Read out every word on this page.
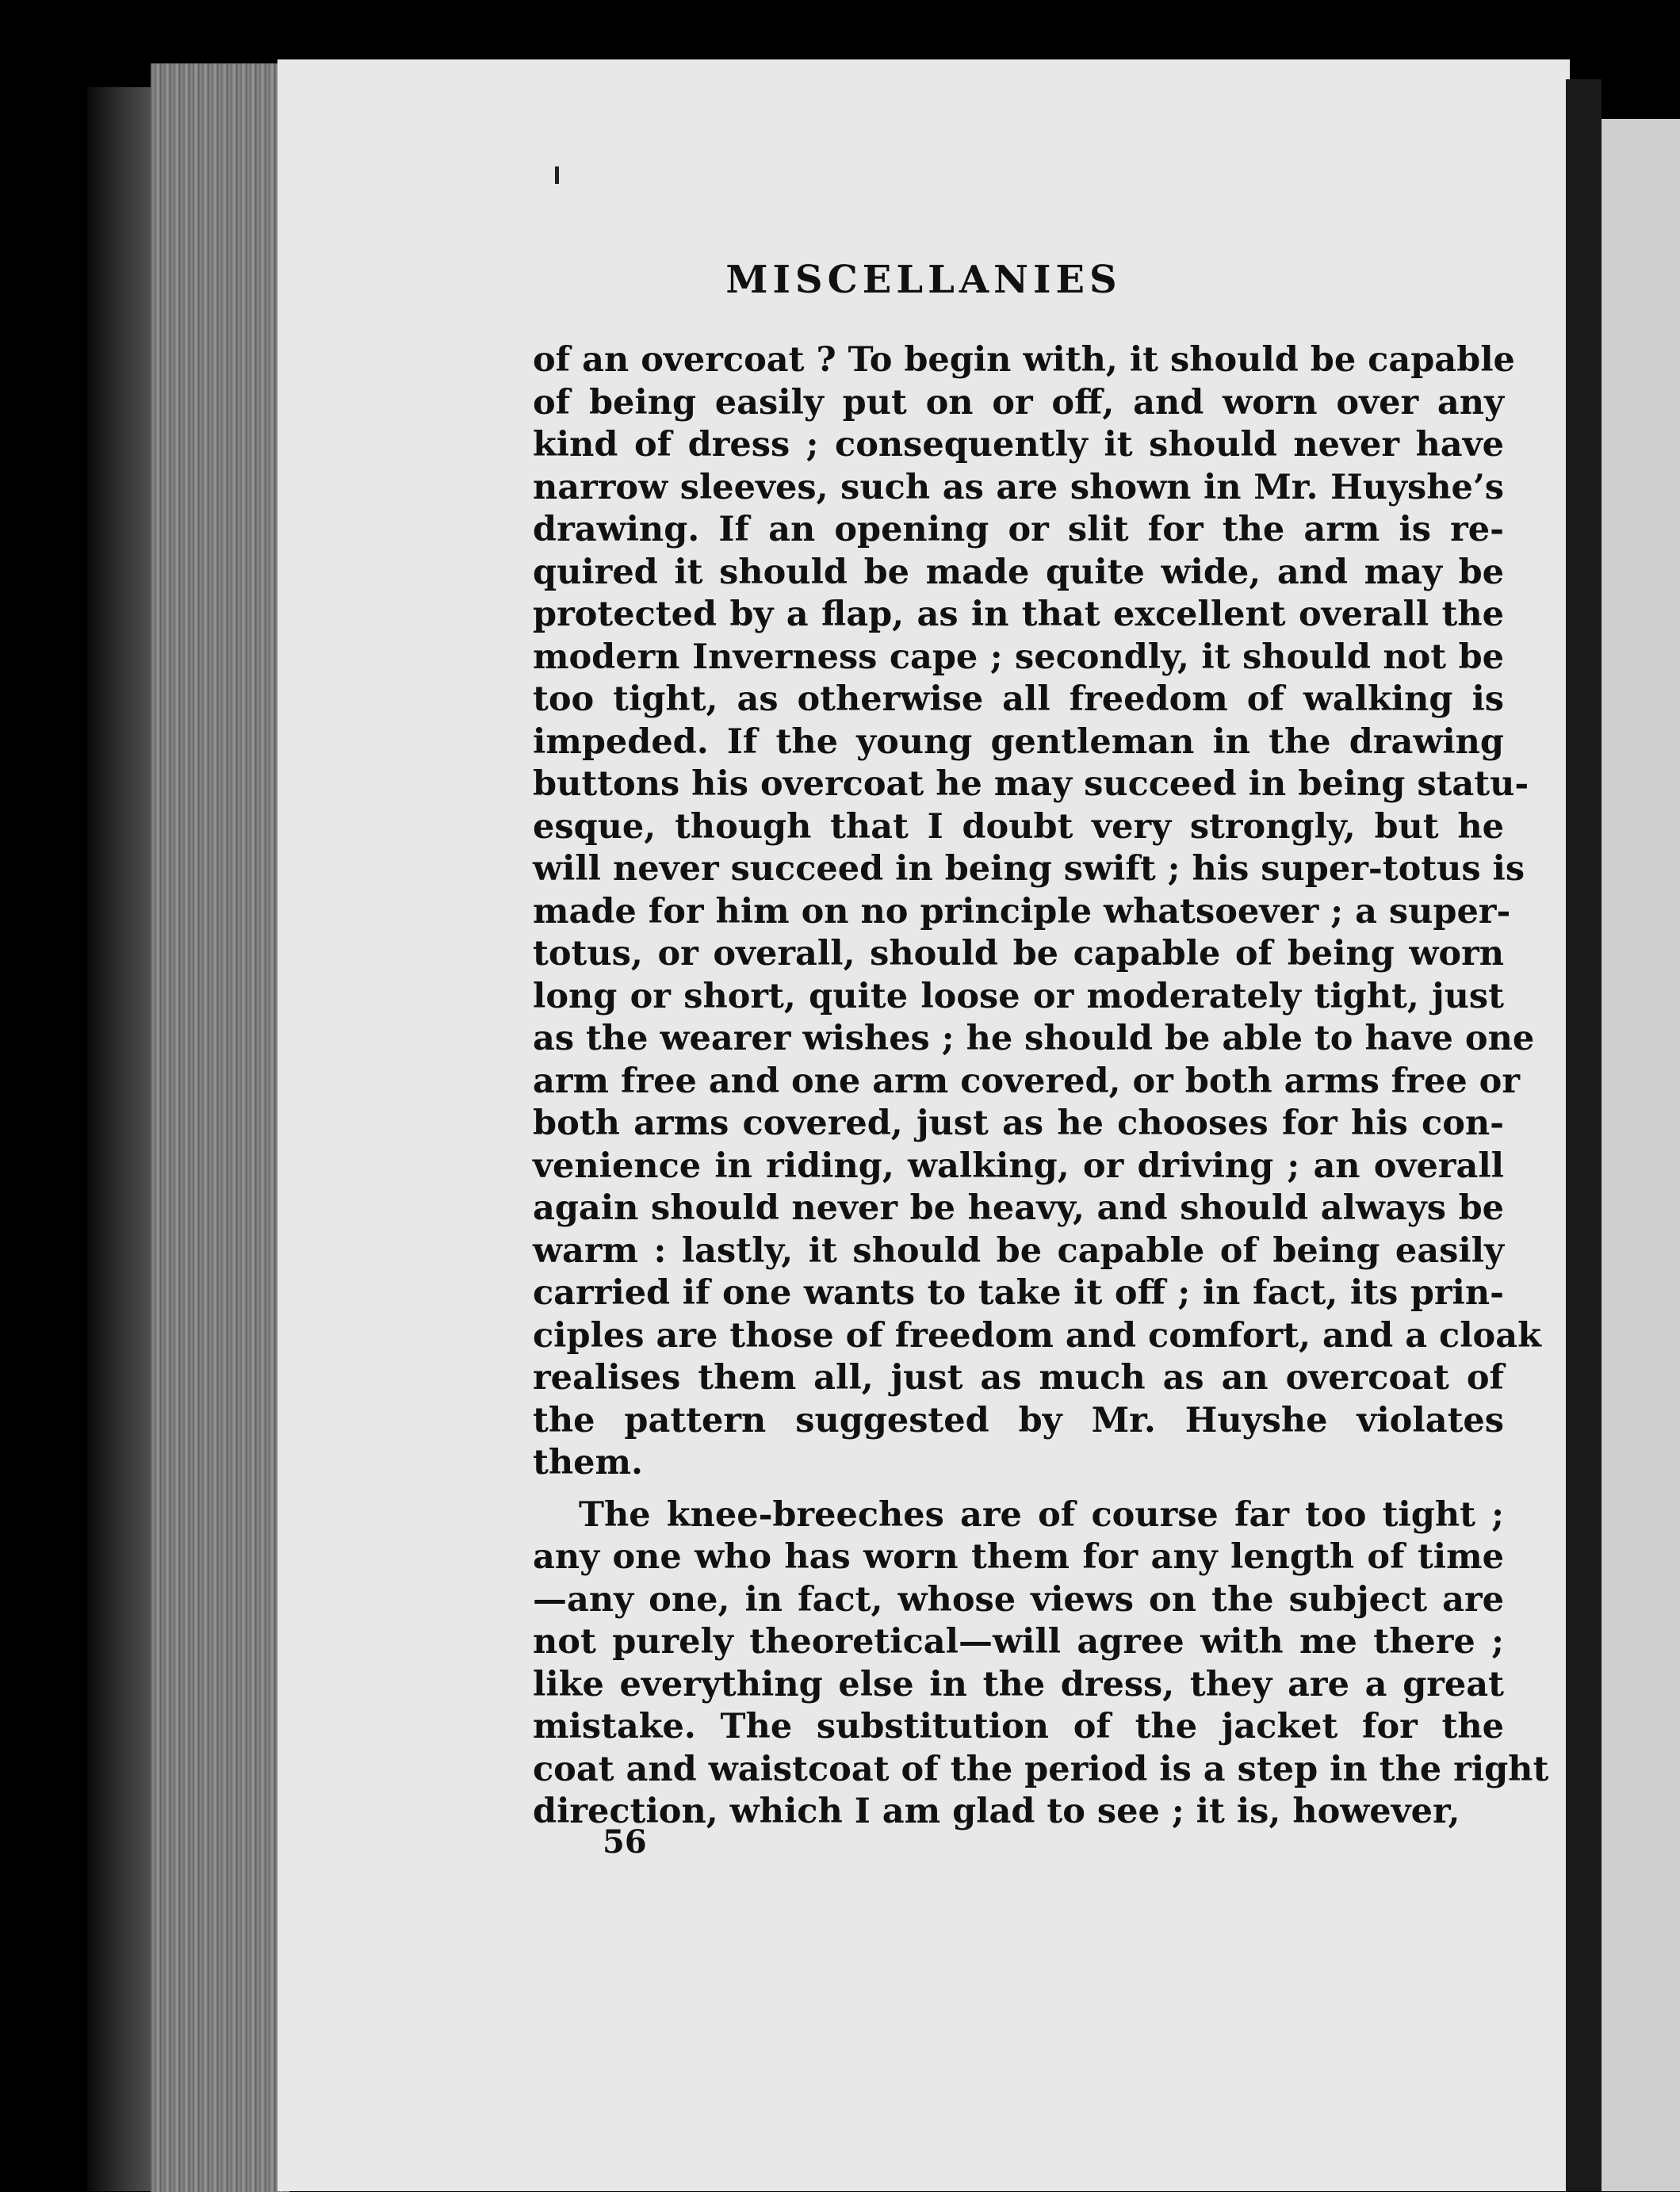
MISCELLANIES
of an overcoat ? To begin with, it should be capable
of being easily put on or off, and worn over any
kind of dress ; consequently it should never have
narrow sleeves, such as are shown in Mr. Huyshe’s
drawing. If an opening or slit for the arm is re-
quired it should be made quite wide, and may be
protected by a flap, as in that excellent overall the
modern Inverness cape ; secondly, it should not be
too tight, as otherwise all freedom of walking is
impeded. If the young gentleman in the drawing
buttons his overcoat he may succeed in being statu-
esque, though that I doubt very strongly, but he
will never succeed in being swift ; his super-totus is
made for him on no principle whatsoever ; a super-
totus, or overall, should be capable of being worn
long or short, quite loose or moderately tight, just
as the wearer wishes ; he should be able to have one
arm free and one arm covered, or both arms free or
both arms covered, just as he chooses for his con-
venience in riding, walking, or driving ; an overall
again should never be heavy, and should always be
warm : lastly, it should be capable of being easily
carried if one wants to take it off ; in fact, its prin-
ciples are those of freedom and comfort, and a cloak
realises them all, just as much as an overcoat of
the pattern suggested by Mr. Huyshe violates
them.
The knee-breeches are of course far too tight ;
any one who has worn them for any length of time
—any one, in fact, whose views on the subject are
not purely theoretical—will agree with me there ;
like everything else in the dress, they are a great
mistake. The substitution of the jacket for the
coat and waistcoat of the period is a step in the right
direction, which I am glad to see ; it is, however,
56
